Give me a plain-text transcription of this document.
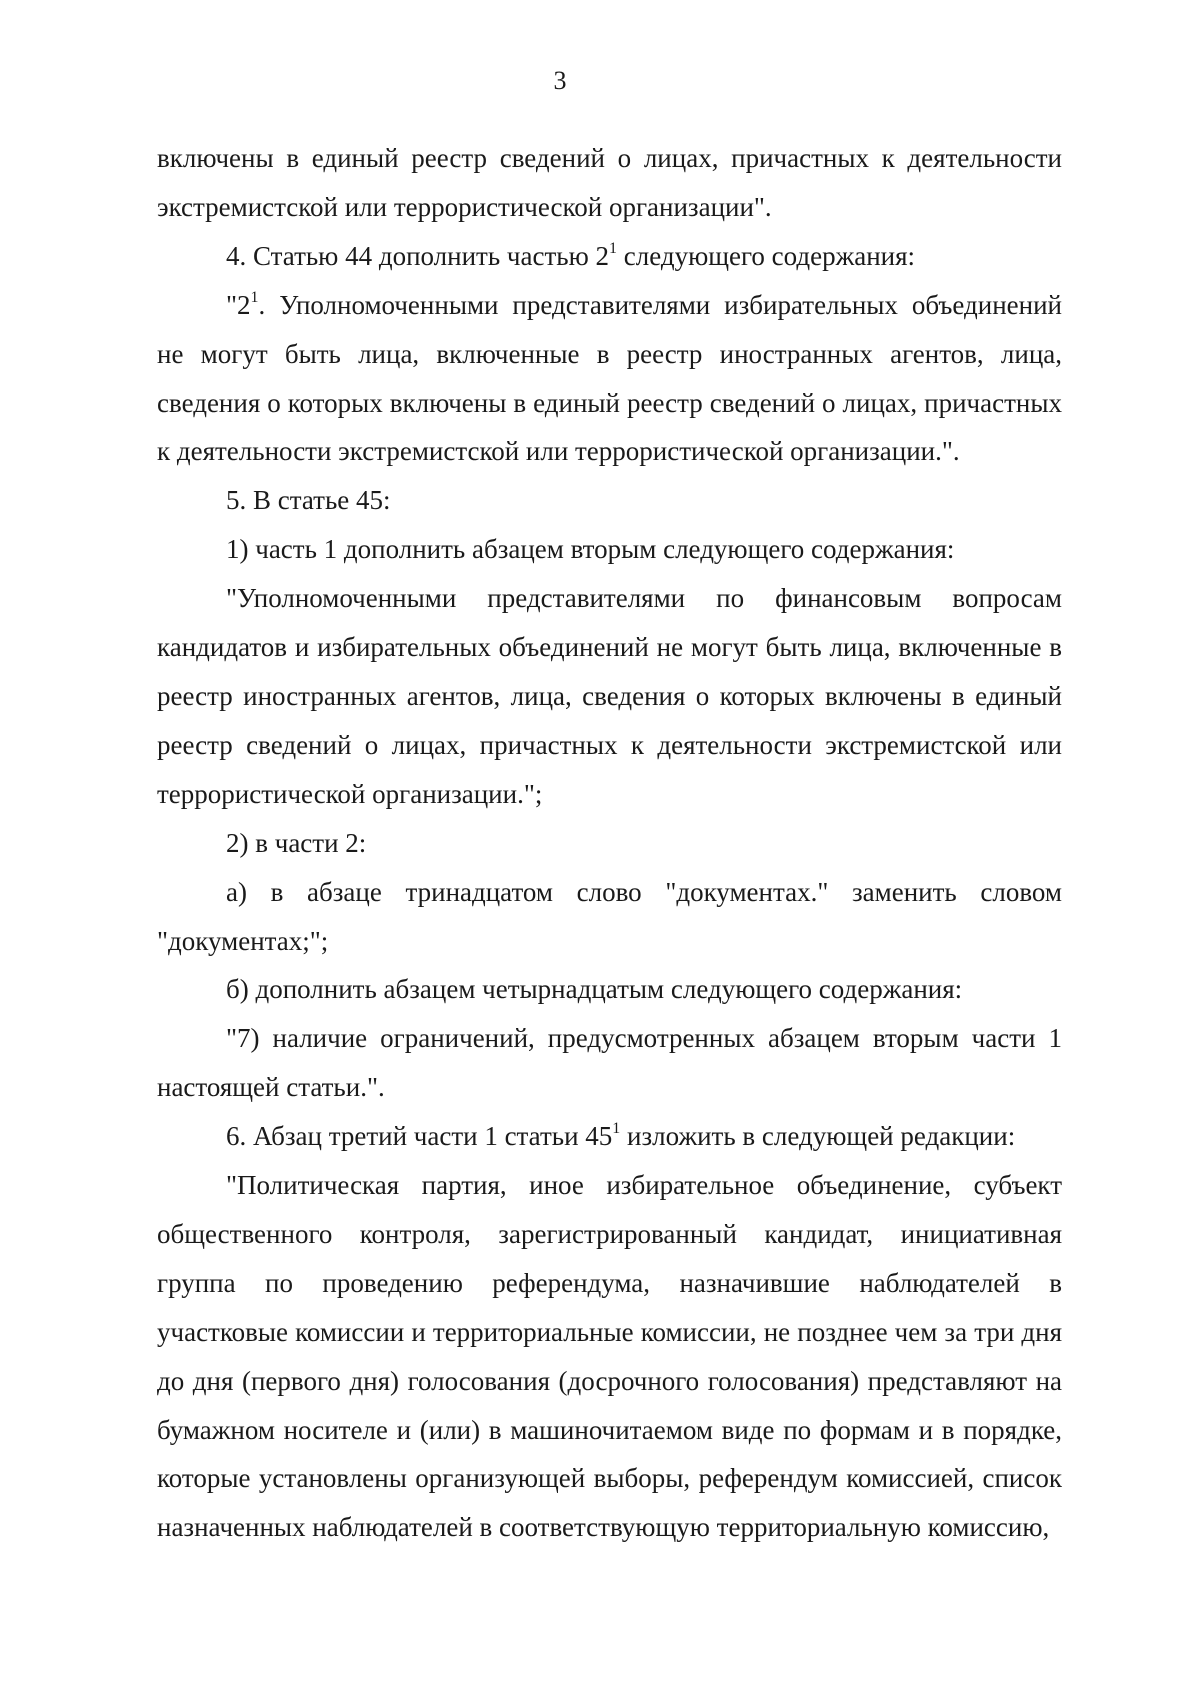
3

включены в единый реестр сведений о лицах, причастных к деятельности экстремистской или террористической организации".

4. Статью 44 дополнить частью $2^1$ следующего содержания:

"$2^1$. Уполномоченными представителями избирательных объединений не могут быть лица, включенные в реестр иностранных агентов, лица, сведения о которых включены в единый реестр сведений о лицах, причастных к деятельности экстремистской или террористической организации.".

5. В статье 45:

1) часть 1 дополнить абзацем вторым следующего содержания:

"Уполномоченными представителями по финансовым вопросам кандидатов и избирательных объединений не могут быть лица, включенные в реестр иностранных агентов, лица, сведения о которых включены в единый реестр сведений о лицах, причастных к деятельности экстремистской или террористической организации.";

2) в части 2:

а) в абзаце тринадцатом слово "документах." заменить словом "документах;";

б) дополнить абзацем четырнадцатым следующего содержания:

"7) наличие ограничений, предусмотренных абзацем вторым части 1 настоящей статьи.".

6. Абзац третий части 1 статьи $45^1$ изложить в следующей редакции:

"Политическая партия, иное избирательное объединение, субъект общественного контроля, зарегистрированный кандидат, инициативная группа по проведению референдума, назначившие наблюдателей в участковые комиссии и территориальные комиссии, не позднее чем за три дня до дня (первого дня) голосования (досрочного голосования) представляют на бумажном носителе и (или) в машиночитаемом виде по формам и в порядке, которые установлены организующей выборы, референдум комиссией, список назначенных наблюдателей в соответствующую территориальную комиссию,
